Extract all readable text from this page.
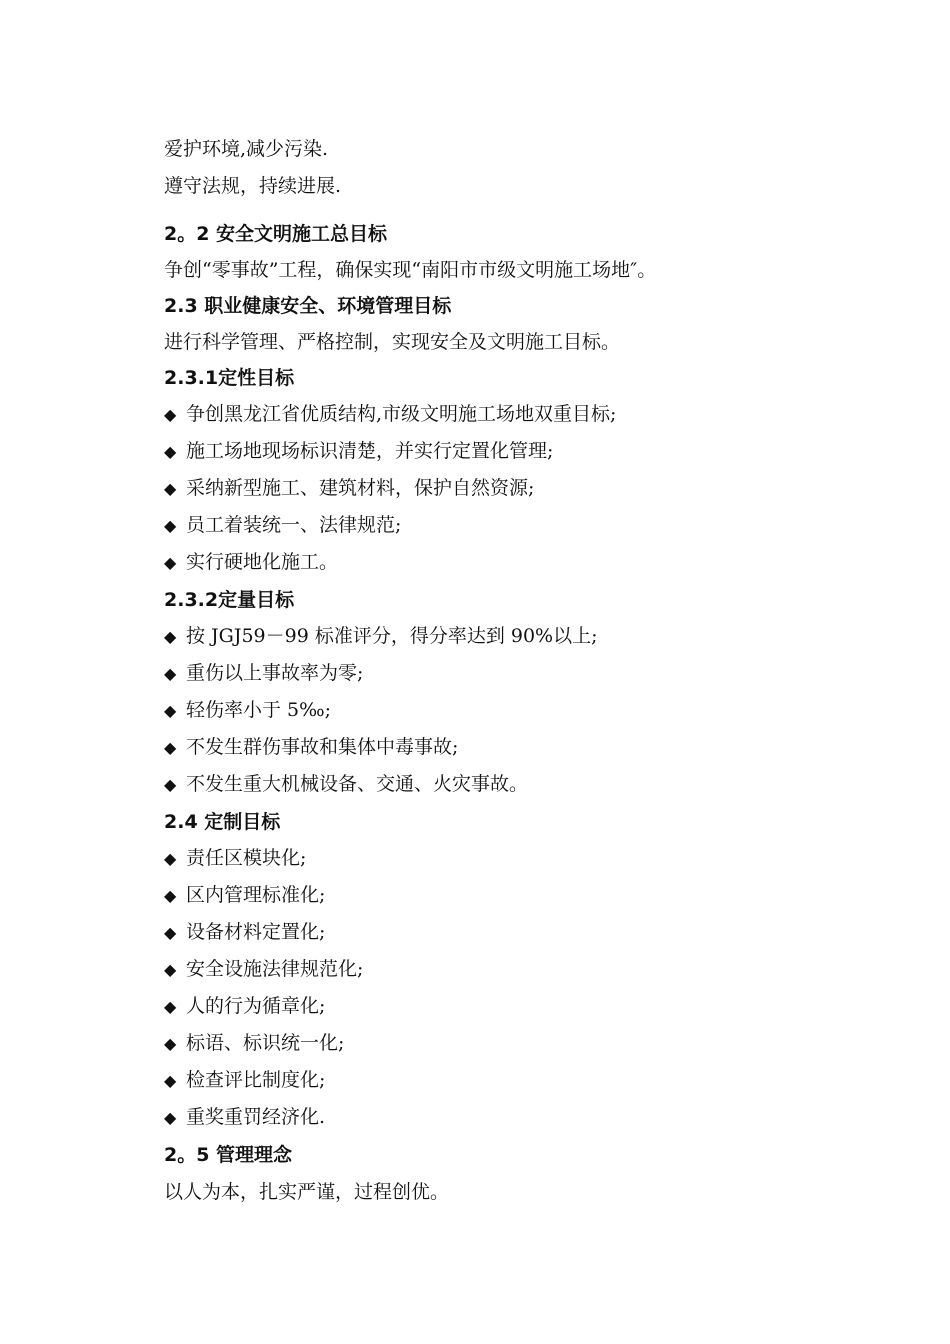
爱护环境,减少污染.
遵守法规，持续进展.
2。2 安全文明施工总目标
争创“零事故”工程，确保实现“南阳市市级文明施工场地″。
2.3 职业健康安全、环境管理目标
进行科学管理、严格控制，实现安全及文明施工目标。
2.3.1定性目标
◆ 争创黑龙江省优质结构,市级文明施工场地双重目标;
◆ 施工场地现场标识清楚，并实行定置化管理;
◆ 采纳新型施工、建筑材料，保护自然资源;
◆ 员工着装统一、法律规范;
◆ 实行硬地化施工。
2.3.2定量目标
◆ 按 JGJ59－99 标准评分，得分率达到 90%以上;
◆ 重伤以上事故率为零;
◆ 轻伤率小于 5‰;
◆ 不发生群伤事故和集体中毒事故;
◆ 不发生重大机械设备、交通、火灾事故。
2.4 定制目标
◆ 责任区模块化;
◆ 区内管理标准化;
◆ 设备材料定置化;
◆ 安全设施法律规范化;
◆ 人的行为循章化;
◆ 标语、标识统一化;
◆ 检查评比制度化;
◆ 重奖重罚经济化.
2。5 管理理念
以人为本，扎实严谨，过程创优。
